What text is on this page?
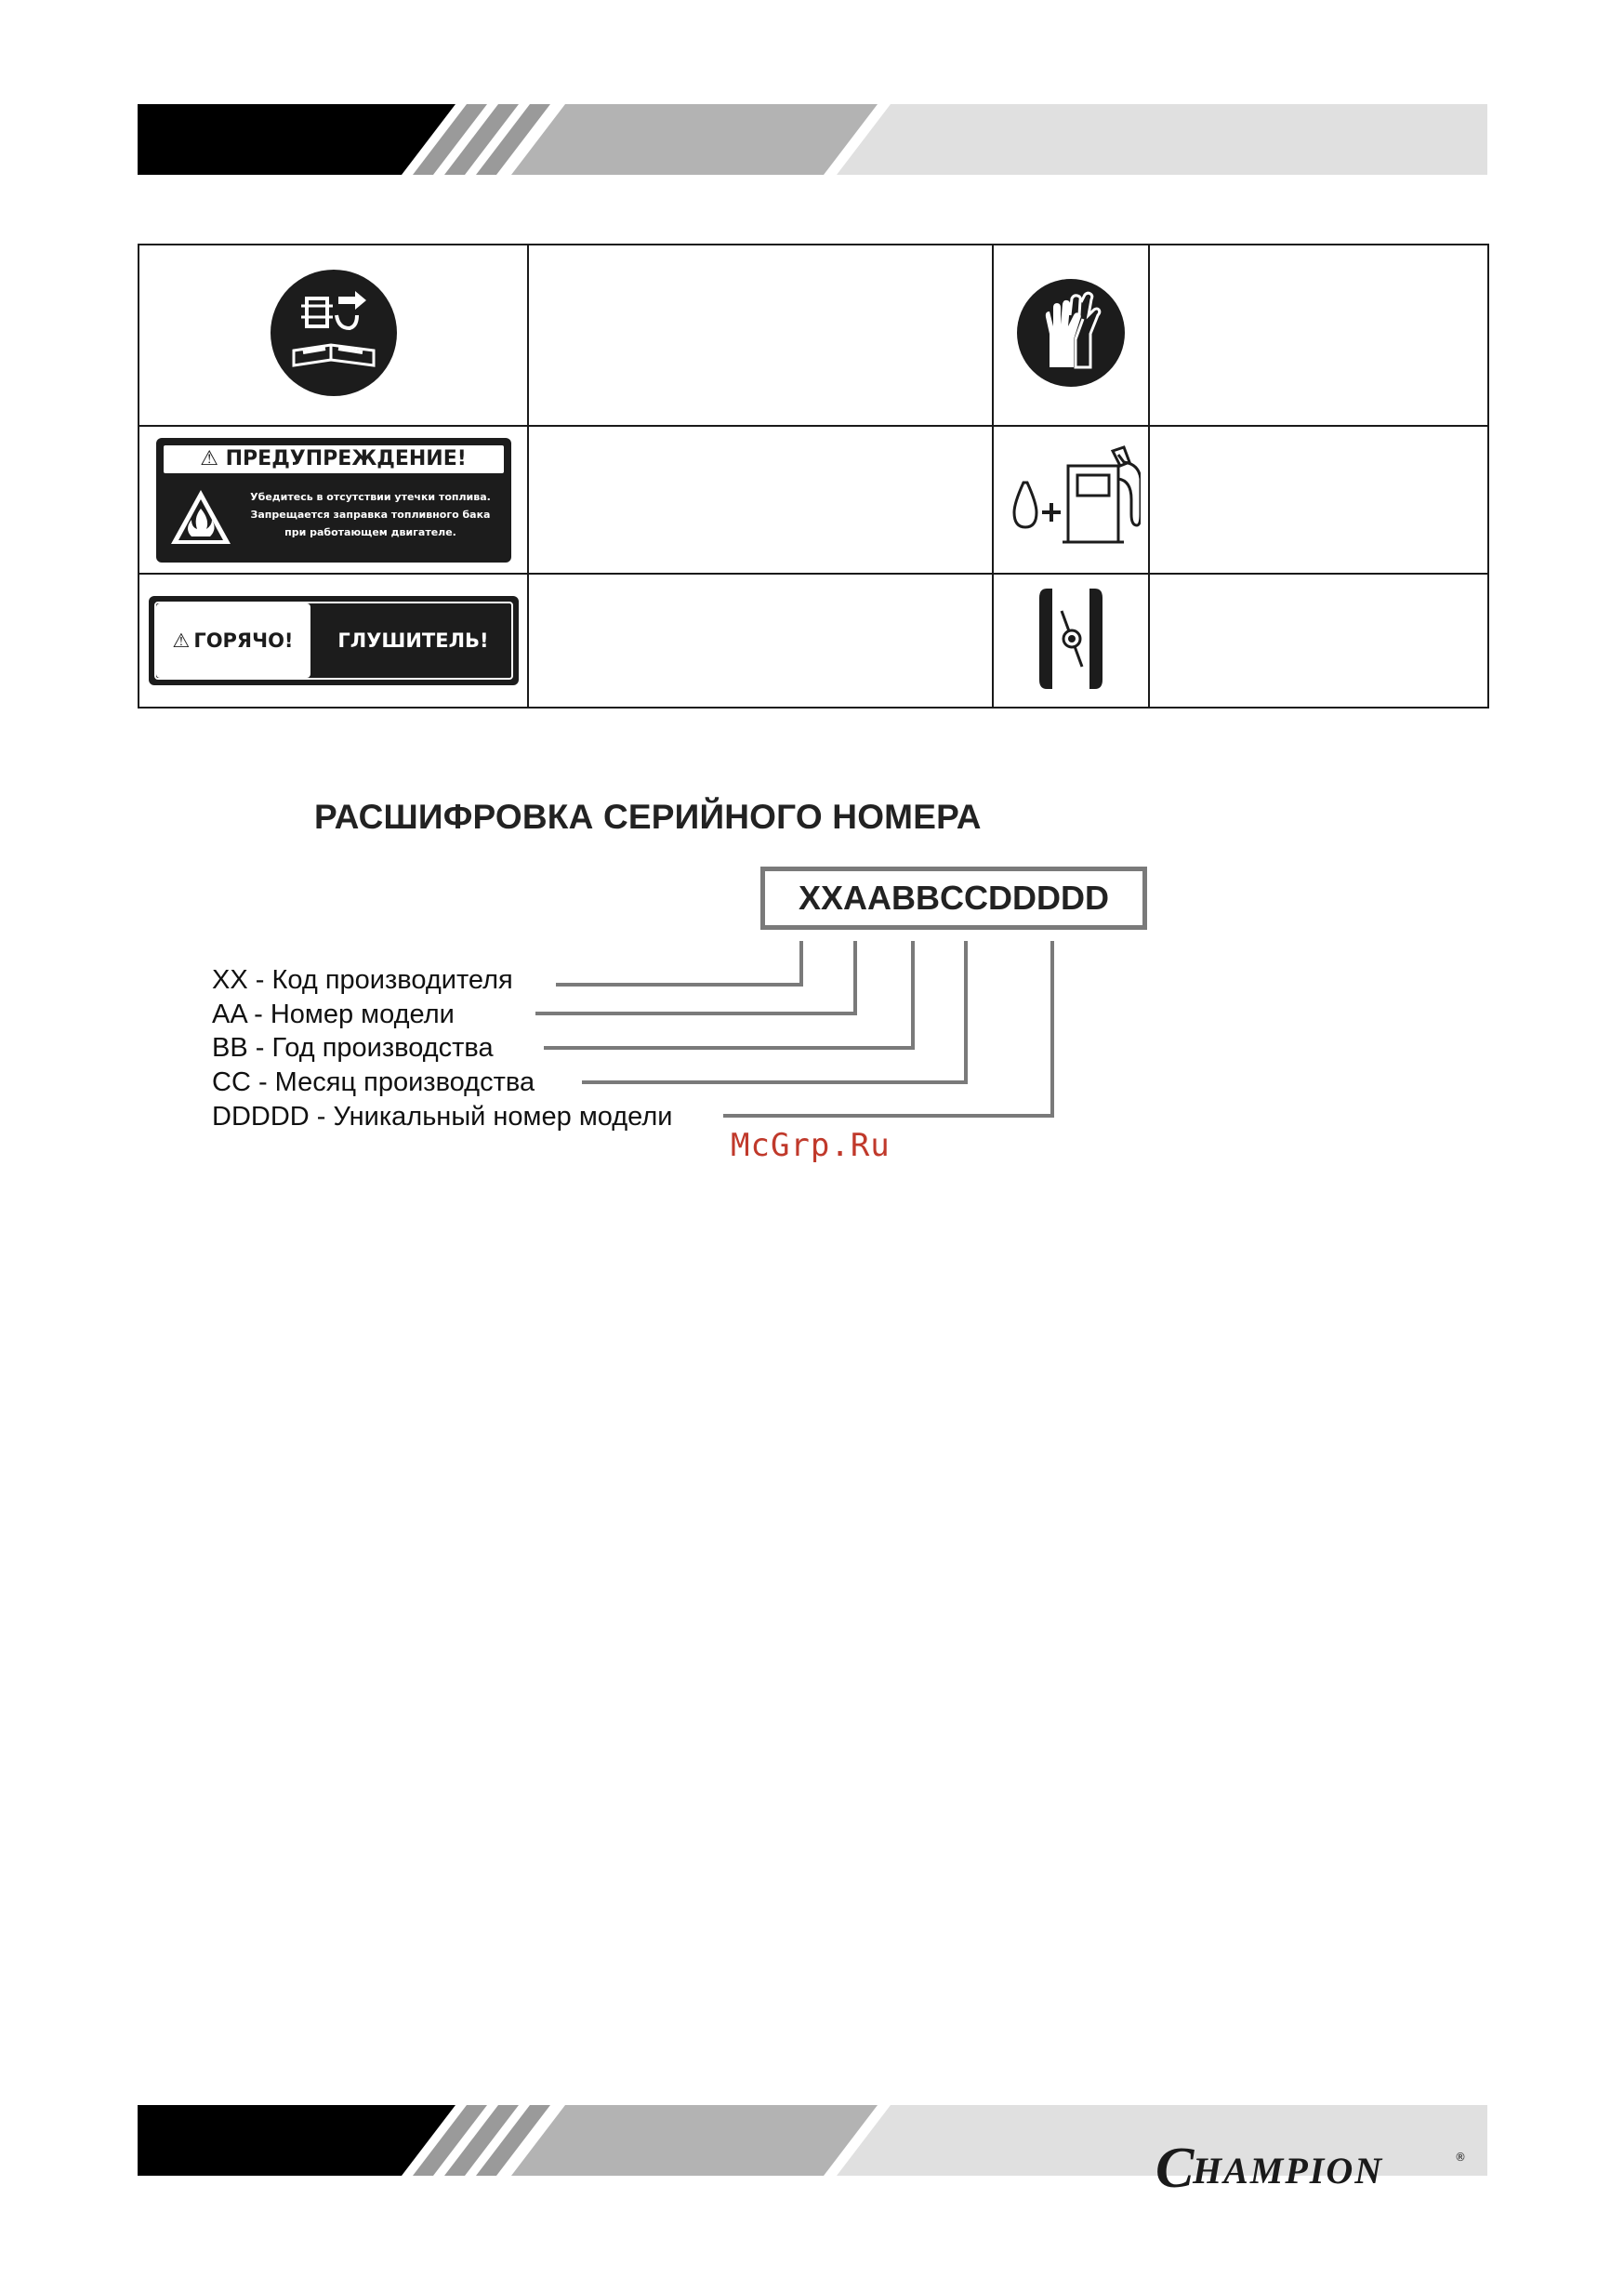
⚠ ПРЕДУПРЕЖДЕНИЕ!
Убедитесь в отсутствии утечки топлива.
Запрещается заправка топливного бака
при работающем двигателе.

⚠ ГОРЯЧО! ГЛУШИТЕЛЬ!

РАСШИФРОВКА СЕРИЙНОГО НОМЕРА
XXAABBCCDDDDD
XX - Код производителя
AA - Номер модели
BB - Год производства
CC - Месяц производства
DDDDD - Уникальный номер модели
McGrp.Ru
C
HAMPION	®
